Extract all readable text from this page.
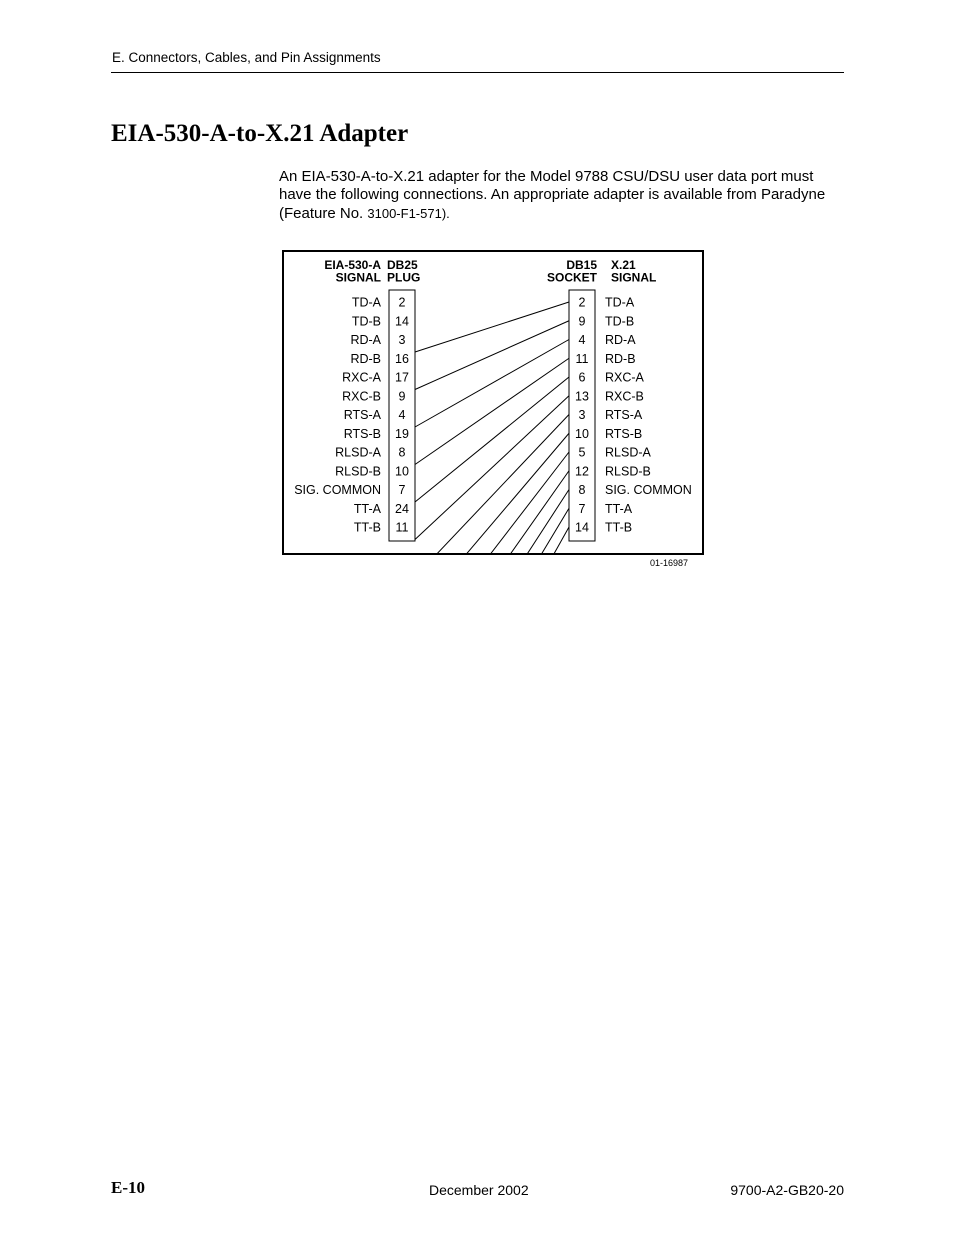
E. Connectors, Cables, and Pin Assignments
EIA-530-A-to-X.21 Adapter
An EIA-530-A-to-X.21 adapter for the Model 9788 CSU/DSU user data port must have the following connections. An appropriate adapter is available from Paradyne (Feature No. 3100-F1-571).
EIA-530-A
SIGNAL
DB25
PLUG
DB15
SOCKET
X.21
SIGNAL
TD-A 2	2 TD-A
TD-B 14	9 TD-B
RD-A 3	4 RD-A
RD-B 16	11 RD-B
RXC-A 17	6 RXC-A
RXC-B 9	13 RXC-B
RTS-A 4	3 RTS-A
RTS-B 19	10 RTS-B
RLSD-A 8	5 RLSD-A
RLSD-B 10	12 RLSD-B
SIG. COMMON 7	8 SIG. COMMON
TT-A 24	7 TT-A
TT-B 11	14 TT-B
01-16987
E-10	December 2002	9700-A2-GB20-20
